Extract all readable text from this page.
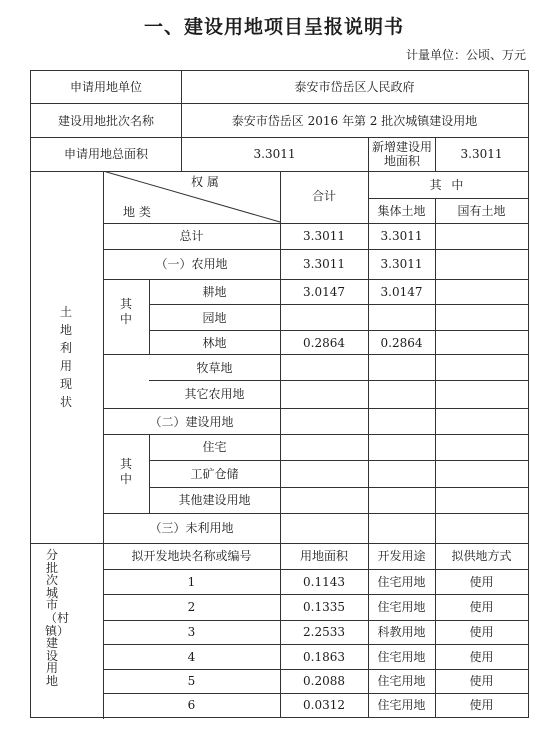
一、建设用地项目呈报说明书
计量单位：公顷、万元
申请用地单位	泰安市岱岳区人民政府
建设用地批次名称	泰安市岱岳区 2016 年第 2 批次城镇建设用地
申请用地总面积	3.3011	新增建设用地面积	3.3011
土 地 利 用 现 状
权 属
地 类
合计
其 中
集体土地	国有土地
总计	3.3011	3.3011
（一）农用地	3.3011	3.3011
其中
耕地	3.0147	3.0147
园地
林地	0.2864	0.2864
牧草地
其它农用地
（二）建设用地
其中
住宅
工矿仓储
其他建设用地
（三）未利用地
分批次城市（村镇）建设用地
拟开发地块名称或编号	用地面积	开发用途	拟供地方式
1	0.1143	住宅用地	使用
2	0.1335	住宅用地	使用
3	2.2533	科教用地	使用
4	0.1863	住宅用地	使用
5	0.2088	住宅用地	使用
6	0.0312	住宅用地	使用
